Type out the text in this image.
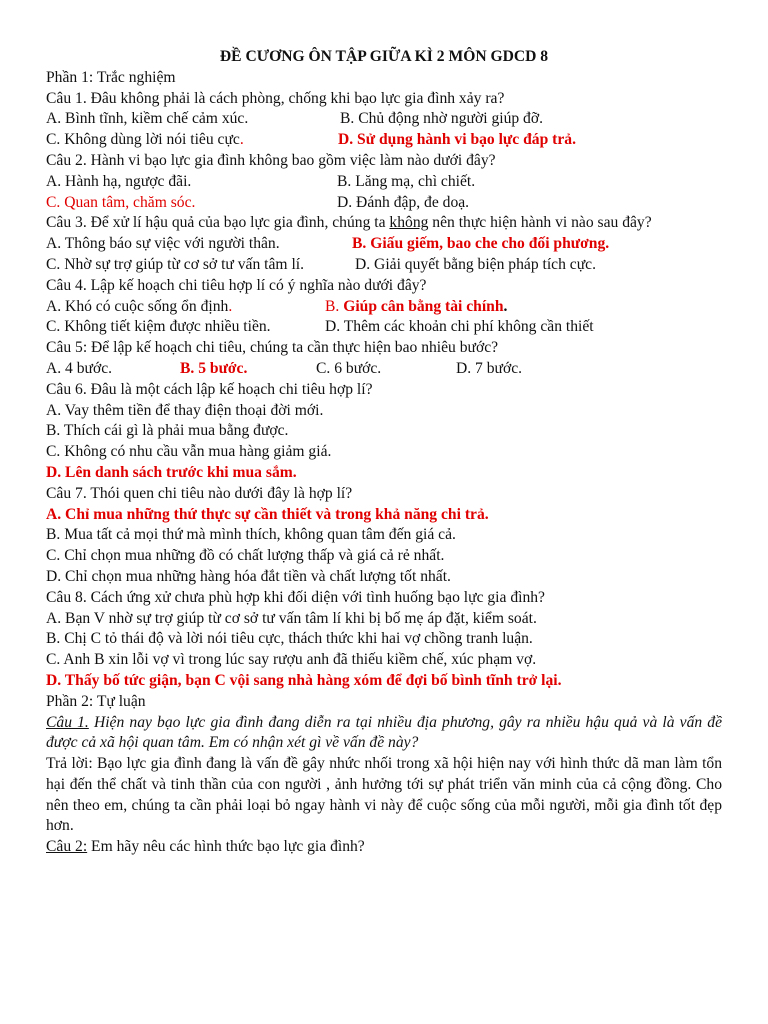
ĐỀ CƯƠNG ÔN TẬP GIỮA KÌ 2 MÔN GDCD 8
Phần 1: Trắc nghiệm
Câu 1. Đâu không phải là cách phòng, chống khi bạo lực gia đình xảy ra?
A. Bình tĩnh, kiềm chế cảm xúc.	B. Chủ động nhờ người giúp đỡ.
C. Không dùng lời nói tiêu cực.	D. Sử dụng hành vi bạo lực đáp trả.
Câu 2. Hành vi bạo lực gia đình không bao gồm việc làm nào dưới đây?
A. Hành hạ, ngược đãi.	B. Lăng mạ, chì chiết.
C. Quan tâm, chăm sóc.	D. Đánh đập, đe doạ.
Câu 3. Để xử lí hậu quả của bạo lực gia đình, chúng ta không nên thực hiện hành vi nào sau đây?
A. Thông báo sự việc với người thân.	B. Giấu giếm, bao che cho đối phương.
C. Nhờ sự trợ giúp từ cơ sở tư vấn tâm lí.	D. Giải quyết bằng biện pháp tích cực.
Câu 4. Lập kế hoạch chi tiêu hợp lí có ý nghĩa nào dưới đây?
A. Khó có cuộc sống ổn định.	B. Giúp cân bằng tài chính.
C. Không tiết kiệm được nhiều tiền.	D. Thêm các khoản chi phí không cần thiết
Câu 5: Để lập kế hoạch chi tiêu, chúng ta cần thực hiện bao nhiêu bước?
A. 4 bước.	B. 5 bước.	C. 6 bước.	D. 7 bước.
Câu 6. Đâu là một cách lập kế hoạch chi tiêu hợp lí?
A. Vay thêm tiền để thay điện thoại đời mới.
B. Thích cái gì là phải mua bằng được.
C. Không có nhu cầu vẫn mua hàng giảm giá.
D. Lên danh sách trước khi mua sắm.
Câu 7. Thói quen chi tiêu nào dưới đây là hợp lí?
A. Chỉ mua những thứ thực sự cần thiết và trong khả năng chi trả.
B. Mua tất cả mọi thứ mà mình thích, không quan tâm đến giá cả.
C. Chỉ chọn mua những đồ có chất lượng thấp và giá cả rẻ nhất.
D. Chỉ chọn mua những hàng hóa đắt tiền và chất lượng tốt nhất.
Câu 8. Cách ứng xử chưa phù hợp khi đối diện với tình huống bạo lực gia đình?
A. Bạn V nhờ sự trợ giúp từ cơ sở tư vấn tâm lí khi bị bố mẹ áp đặt, kiểm soát.
B. Chị C tỏ thái độ và lời nói tiêu cực, thách thức khi hai vợ chồng tranh luận.
C. Anh B xin lỗi vợ vì trong lúc say rượu anh đã thiếu kiềm chế, xúc phạm vợ.
D. Thấy bố tức giận, bạn C vội sang nhà hàng xóm để đợi bố bình tĩnh trở lại.
Phần 2: Tự luận
Câu 1. Hiện nay bạo lực gia đình đang diễn ra tại nhiều địa phương, gây ra nhiều hậu quả và là vấn đề được cả xã hội quan tâm. Em có nhận xét gì về vấn đề này?
Trả lời: Bạo lực gia đình đang là vấn đề gây nhức nhối trong xã hội hiện nay với hình thức dã man làm tổn hại đến thể chất và tinh thần của con người , ảnh hưởng tới sự phát triển văn minh của cả cộng đồng. Cho nên theo em, chúng ta cần phải loại bỏ ngay hành vi này để cuộc sống của mỗi người, mỗi gia đình tốt đẹp hơn.
Câu 2: Em hãy nêu các hình thức bạo lực gia đình?
